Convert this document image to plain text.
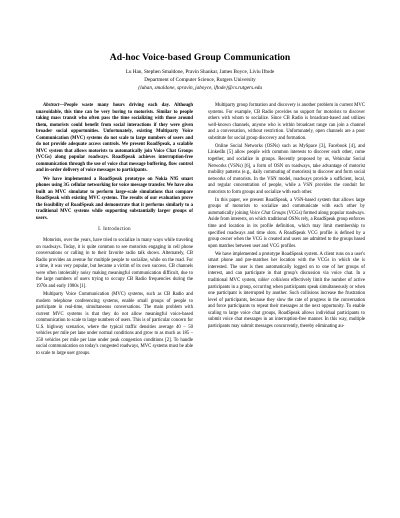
Ad-hoc Voice-based Group Communication
Lu Han, Stephen Smaldone, Pravin Shankar, James Boyce, Liviu Iftode
Department of Computer Science, Rutgers University
{luhan, smaldone, spravin, jaboyce, iftode}@cs.rutgers.edu

Abstract—People waste many hours driving each day. Although unavoidable, this time can be very boring to motorists. Similar to people taking mass transit who often pass the time socializing with those around them, motorists could benefit from social interactions if they were given broader social opportunities. Unfortunately, existing Multiparty Voice Communication (MVC) systems do not scale to large numbers of users and do not provide adequate access controls. We present RoadSpeak, a scalable MVC system that allows motorists to automatically join Voice Chat Groups (VCGs) along popular roadways. RoadSpeak achieves interruption-free communication through the use of voice chat message buffering, flow control and in-order delivery of voice messages to participants.

We have implemented a RoadSpeak prototype on Nokia N95 smart phones using 3G cellular networking for voice message transfer. We have also built an MVC simulator to perform large-scale simulations that compare RoadSpeak with existing MVC systems. The results of our evaluation prove the feasibility of RoadSpeak and demonstrate that it performs similarly to a traditional MVC systems while supporting substantially larger groups of users.

I. Introduction

Motorists, over the years, have tried to socialize in many ways while traveling on roadways. Today, it is quite common to see motorists engaging in cell phone conversations or calling in to their favorite radio talk shows. Alternately, CB Radio provides an avenue for multiple people to socialize, while on the road. For a time, it was very popular, but became a victim of its own success. CB channels were often intolerably noisy making meaningful communication difficult, due to the large numbers of users trying to occupy CB Radio frequencies during the 1970s and early 1980s [1].

Multiparty Voice Communication (MVC) systems, such as CB Radio and modern telephone conferencing systems, enable small groups of people to participate in real-time, simultaneous conversations. The main problem with current MVC systems is that they do not allow meaningful voice-based communication to scale to large numbers of users. This is of particular concern for U.S. highway scenarios, where the typical traffic densities average 40 – 50 vehicles per mile per lane under normal conditions and grow to as much as 185 – 250 vehicles per mile per lane under peak congestion conditions [2]. To handle social communication on today's congested roadways, MVC systems must be able to scale to large user groups.

Multiparty group formation and discovery is another problem in current MVC systems. For example, CB Radio provides no support for motorists to discover others with whom to socialize. Since CB Radio is broadcast-based and utilizes well-known channels, anyone who is within broadcast range can join a channel and a conversation, without restriction. Unfortunately, open channels are a poor substitute for social group discovery and formation.

Online Social Networks (OSNs) such as MySpace [3], Facebook [4], and LinkedIn [5] allow people with common interests to discover each other, come together, and socialize in groups. Recently proposed by us, Vehicular Social Networks (VSNs) [6], a form of OSN on roadways, take advantage of motorist mobility patterns (e.g., daily commuting of motorists) to discover and form social networks of motorists. In the VSN model, roadways provide a sufficient, local, and regular concentration of people, while a VSN provides the conduit for motorists to form groups and socialize with each other.

In this paper, we present RoadSpeak, a VSN-based system that allows large groups of motorists to socialize and communicate with each other by automatically joining Voice Chat Groups (VCGs) formed along popular roadways. Aside from interests, on which traditional OSNs rely, a RoadSpeak group enforces time and location in its profile definition, which may limit membership to specified roadways and time slots. A RoadSpeak VCG profile is defined by a group owner when the VCG is created and users are admitted to the groups based upon matches between user and VCG profiles.

We have implemented a prototype RoadSpeak system. A client runs on a user's smart phone and pre-matches her location with the VCGs in which she is interested. The user is then automatically logged on to one of her groups of interest, and can participate in that group's discussion via voice chat. In a traditional MVC system, talker collisions effectively limit the number of active participants in a group, occurring when participants speak simultaneously or when one participant is interrupted by another. Such collisions increase the frustration level of participants, because they slow the rate of progress in the conversation and force participants to repeat their messages at the next opportunity. To enable scaling to large voice chat groups, RoadSpeak allows individual participants to submit voice chat messages in an interruption-free manner. In this way, multiple participants may submit messages concurrently, thereby eliminating au-
